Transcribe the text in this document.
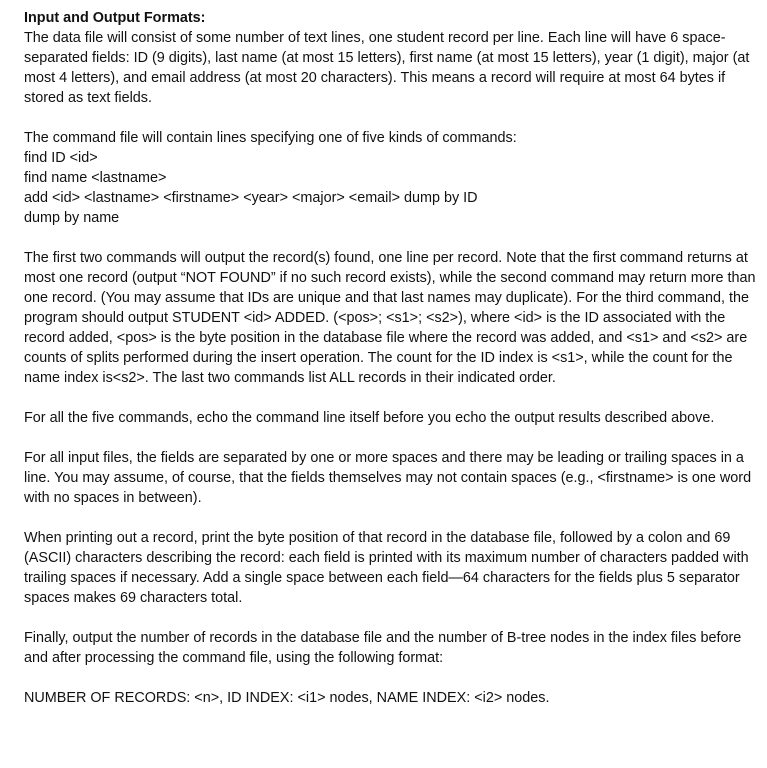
Input and Output Formats:

The data file will consist of some number of text lines, one student record per line. Each line will have 6 space-separated fields: ID (9 digits), last name (at most 15 letters), first name (at most 15 letters), year (1 digit), major (at most 4 letters), and email address (at most 20 characters). This means a record will require at most 64 bytes if stored as text fields.

The command file will contain lines specifying one of five kinds of commands:

find ID <id>

find name <lastname>

add <id> <lastname> <firstname> <year> <major> <email> dump by ID

dump by name

The first two commands will output the record(s) found, one line per record. Note that the first command returns at most one record (output “NOT FOUND” if no such record exists), while the second command may return more than one record. (You may assume that IDs are unique and that last names may duplicate). For the third command, the program should output STUDENT <id> ADDED. (<pos>; <s1>; <s2>), where <id> is the ID associated with the record added, <pos> is the byte position in the database file where the record was added, and <s1> and <s2> are counts of splits performed during the insert operation. The count for the ID index is <s1>, while the count for the name index is<s2>. The last two commands list ALL records in their indicated order.

For all the five commands, echo the command line itself before you echo the output results described above.

For all input files, the fields are separated by one or more spaces and there may be leading or trailing spaces in a line. You may assume, of course, that the fields themselves may not contain spaces (e.g., <firstname> is one word with no spaces in between).

When printing out a record, print the byte position of that record in the database file, followed by a colon and 69 (ASCII) characters describing the record: each field is printed with its maximum number of characters padded with trailing spaces if necessary. Add a single space between each field—64 characters for the fields plus 5 separator spaces makes 69 characters total.

Finally, output the number of records in the database file and the number of B-tree nodes in the index files before and after processing the command file, using the following format:

NUMBER OF RECORDS: <n>, ID INDEX: <i1> nodes, NAME INDEX: <i2> nodes.
